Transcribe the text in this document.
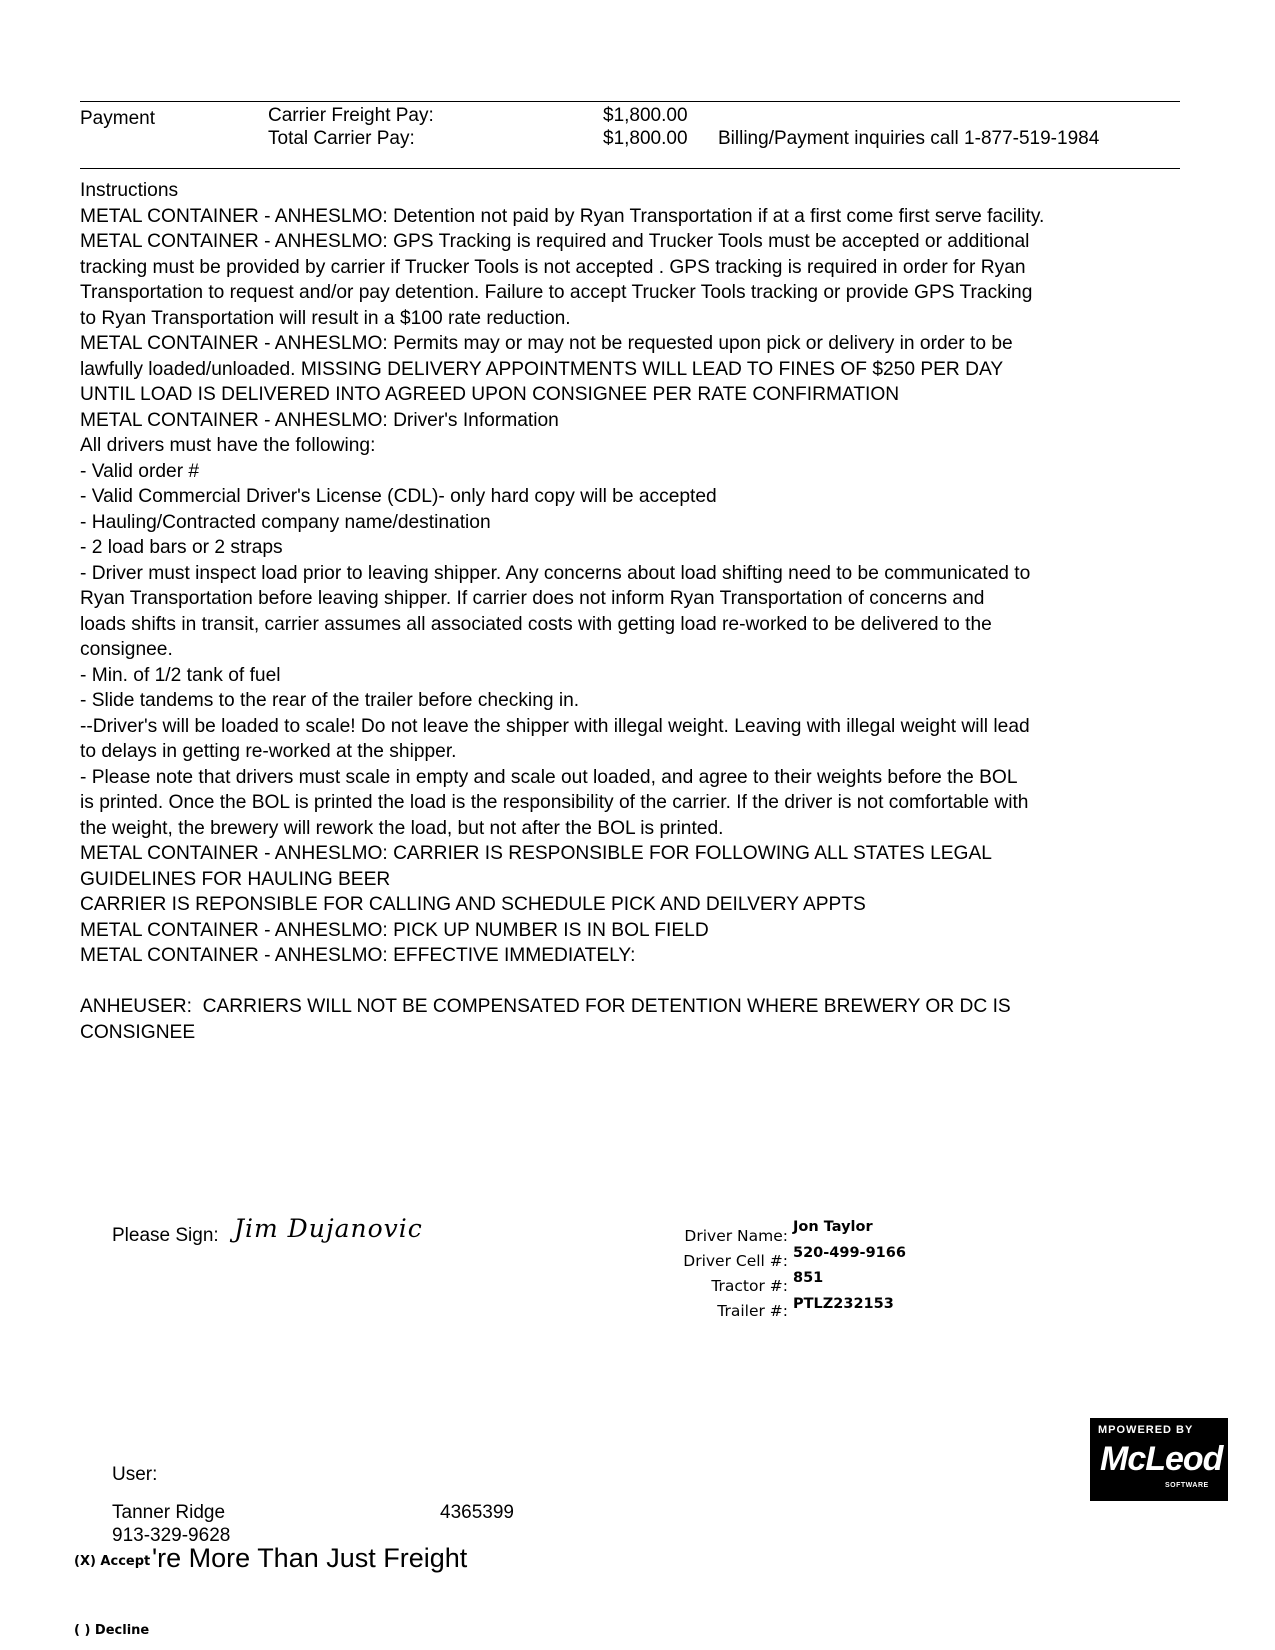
Payment	Carrier Freight Pay:	$1,800.00
Total Carrier Pay:	$1,800.00 Billing/Payment inquiries call 1-877-519-1984
Instructions
METAL CONTAINER - ANHESLMO: Detention not paid by Ryan Transportation if at a first come first serve facility.
METAL CONTAINER - ANHESLMO: GPS Tracking is required and Trucker Tools must be accepted or additional
tracking must be provided by carrier if Trucker Tools is not accepted . GPS tracking is required in order for Ryan
Transportation to request and/or pay detention. Failure to accept Trucker Tools tracking or provide GPS Tracking
to Ryan Transportation will result in a $100 rate reduction.
METAL CONTAINER - ANHESLMO: Permits may or may not be requested upon pick or delivery in order to be
lawfully loaded/unloaded. MISSING DELIVERY APPOINTMENTS WILL LEAD TO FINES OF $250 PER DAY
UNTIL LOAD IS DELIVERED INTO AGREED UPON CONSIGNEE PER RATE CONFIRMATION
METAL CONTAINER - ANHESLMO: Driver's Information
All drivers must have the following:
- Valid order #
- Valid Commercial Driver's License (CDL)- only hard copy will be accepted
- Hauling/Contracted company name/destination
- 2 load bars or 2 straps
- Driver must inspect load prior to leaving shipper. Any concerns about load shifting need to be communicated to
Ryan Transportation before leaving shipper. If carrier does not inform Ryan Transportation of concerns and
loads shifts in transit, carrier assumes all associated costs with getting load re-worked to be delivered to the
consignee.
- Min. of 1/2 tank of fuel
- Slide tandems to the rear of the trailer before checking in.
--Driver's will be loaded to scale! Do not leave the shipper with illegal weight. Leaving with illegal weight will lead
to delays in getting re-worked at the shipper.
- Please note that drivers must scale in empty and scale out loaded, and agree to their weights before the BOL
is printed. Once the BOL is printed the load is the responsibility of the carrier. If the driver is not comfortable with
the weight, the brewery will rework the load, but not after the BOL is printed.
METAL CONTAINER - ANHESLMO: CARRIER IS RESPONSIBLE FOR FOLLOWING ALL STATES LEGAL
GUIDELINES FOR HAULING BEER
CARRIER IS REPONSIBLE FOR CALLING AND SCHEDULE PICK AND DEILVERY APPTS
METAL CONTAINER - ANHESLMO: PICK UP NUMBER IS IN BOL FIELD
METAL CONTAINER - ANHESLMO: EFFECTIVE IMMEDIATELY:
ANHEUSER:  CARRIERS WILL NOT BE COMPENSATED FOR DETENTION WHERE BREWERY OR DC IS
CONSIGNEE
Please Sign: Jim Dujanovic	Driver Name: Jon Taylor
Driver Cell #: 520-499-9166
Tractor #: 851
Trailer #: PTLZ232153
MPOWERED BY
McLeod
SOFTWARE
User:
Tanner Ridge	4365399
913-329-9628
(X) Accept 're More Than Just Freight
( ) Decline
